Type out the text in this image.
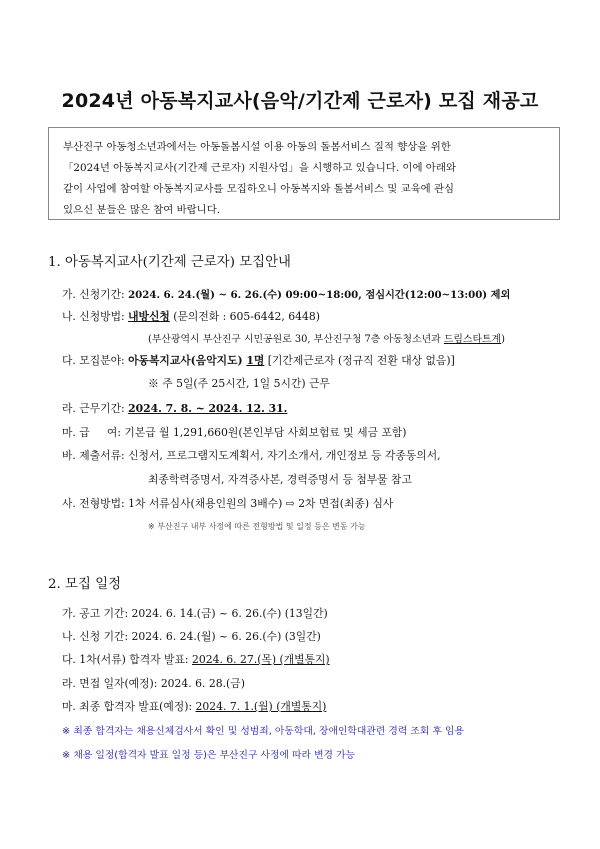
2024년 아동복지교사(음악/기간제 근로자) 모집 재공고
부산진구 아동청소년과에서는 아동돌봄시설 이용 아동의 돌봄서비스 질적 향상을 위한
「2024년 아동복지교사(기간제 근로자) 지원사업」을 시행하고 있습니다. 이에 아래와
같이 사업에 참여할 아동복지교사를 모집하오니 아동복지와 돌봄서비스 및 교육에 관심
있으신 분들은 많은 참여 바랍니다.
1. 아동복지교사(기간제 근로자) 모집안내
가. 신청기간: 2024. 6. 24.(월) ~ 6. 26.(수) 09:00~18:00, 점심시간(12:00~13:00) 제외
나. 신청방법: 내방신청 (문의전화 : 605-6442, 6448)
(부산광역시 부산진구 시민공원로 30, 부산진구청 7층 아동청소년과 드림스타트계)
다. 모집분야: 아동복지교사(음악지도) 1명 [기간제근로자 (정규직 전환 대상 없음)]
※ 주 5일(주 25시간, 1일 5시간) 근무
라. 근무기간: 2024. 7. 8. ~ 2024. 12. 31.
마. 급     여: 기본급 월 1,291,660원(본인부담 사회보험료 및 세금 포함)
바. 제출서류: 신청서, 프로그램지도계획서, 자기소개서, 개인정보 등 각종동의서,
최종학력증명서, 자격증사본, 경력증명서 등 첨부물 참고
사. 전형방법: 1차 서류심사(채용인원의 3배수) ⇨ 2차 면접(최종) 심사
※ 부산진구 내부 사정에 따른 전형방법 및 일정 등은 변동 가능
2. 모집 일정
가. 공고 기간: 2024. 6. 14.(금) ~ 6. 26.(수) (13일간)
나. 신청 기간: 2024. 6. 24.(월) ~ 6. 26.(수) (3일간)
다. 1차(서류) 합격자 발표: 2024. 6. 27.(목) (개별통지)
라. 면접 일자(예정): 2024. 6. 28.(금)
마. 최종 합격자 발표(예정): 2024. 7. 1.(월) (개별통지)
※ 최종 합격자는 채용신체검사서 확인 및 성범죄, 아동학대, 장애인학대관련 경력 조회 후 임용
※ 채용 일정(합격자 발표 일정 등)은 부산진구 사정에 따라 변경 가능
